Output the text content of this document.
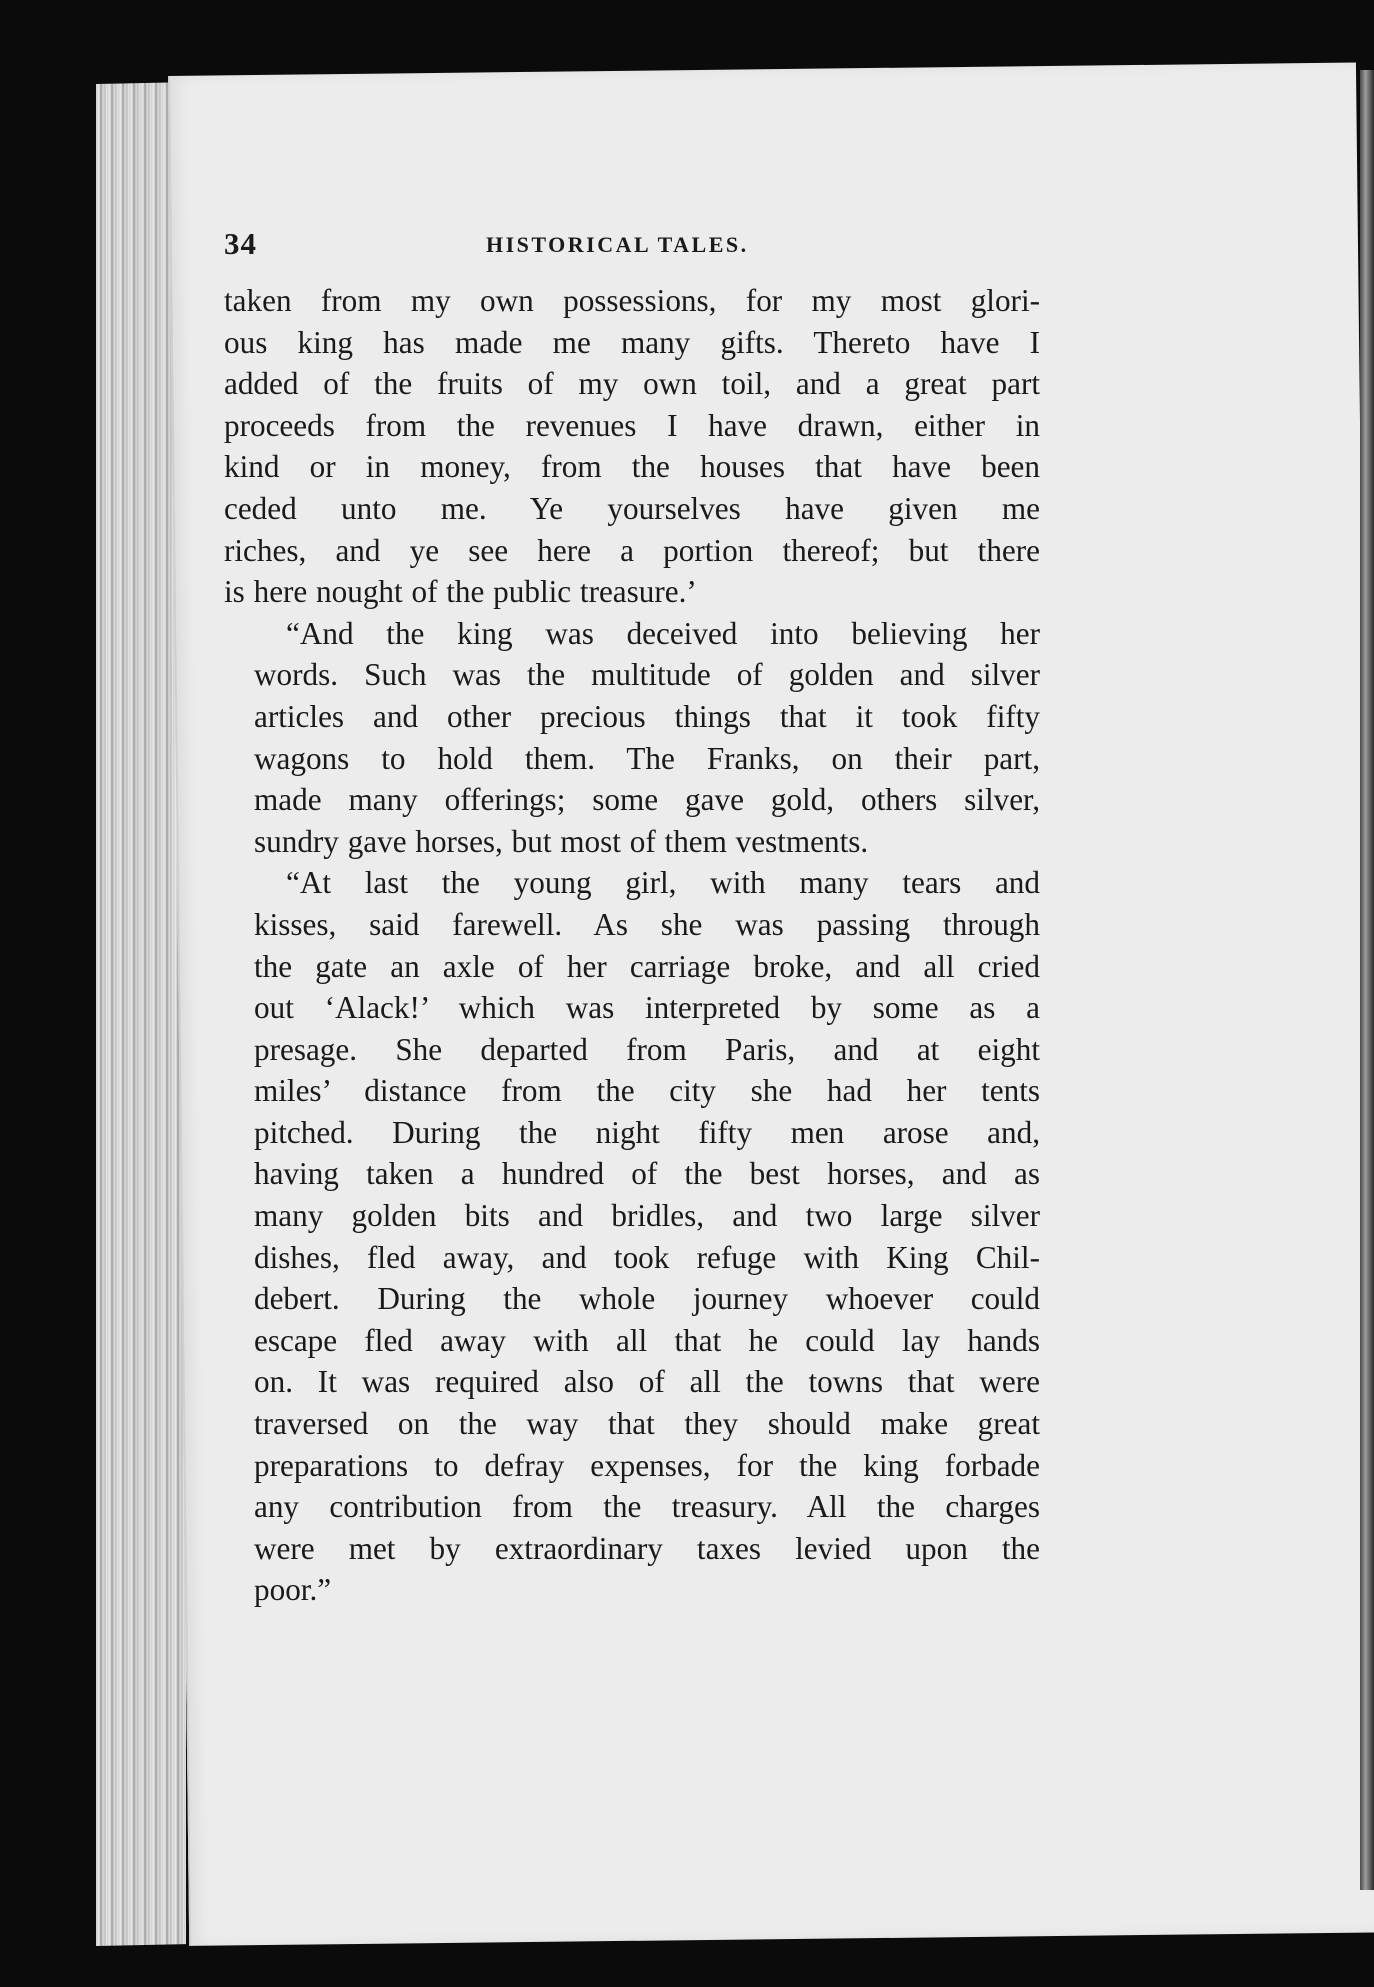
34	HISTORICAL TALES.

taken from my own possessions, for my most glori-
ous king has made me many gifts. Thereto have I
added of the fruits of my own toil, and a great part
proceeds from the revenues I have drawn, either in
kind or in money, from the houses that have been
ceded unto me. Ye yourselves have given me
riches, and ye see here a portion thereof; but there
is here nought of the public treasure.’

“And the king was deceived into believing her
words. Such was the multitude of golden and silver
articles and other precious things that it took fifty
wagons to hold them. The Franks, on their part,
made many offerings; some gave gold, others silver,
sundry gave horses, but most of them vestments.

“At last the young girl, with many tears and
kisses, said farewell. As she was passing through
the gate an axle of her carriage broke, and all cried
out ‘Alack!’ which was interpreted by some as a
presage. She departed from Paris, and at eight
miles’ distance from the city she had her tents
pitched. During the night fifty men arose and,
having taken a hundred of the best horses, and as
many golden bits and bridles, and two large silver
dishes, fled away, and took refuge with King Chil-
debert. During the whole journey whoever could
escape fled away with all that he could lay hands
on. It was required also of all the towns that were
traversed on the way that they should make great
preparations to defray expenses, for the king forbade
any contribution from the treasury. All the charges
were met by extraordinary taxes levied upon the
poor.”
